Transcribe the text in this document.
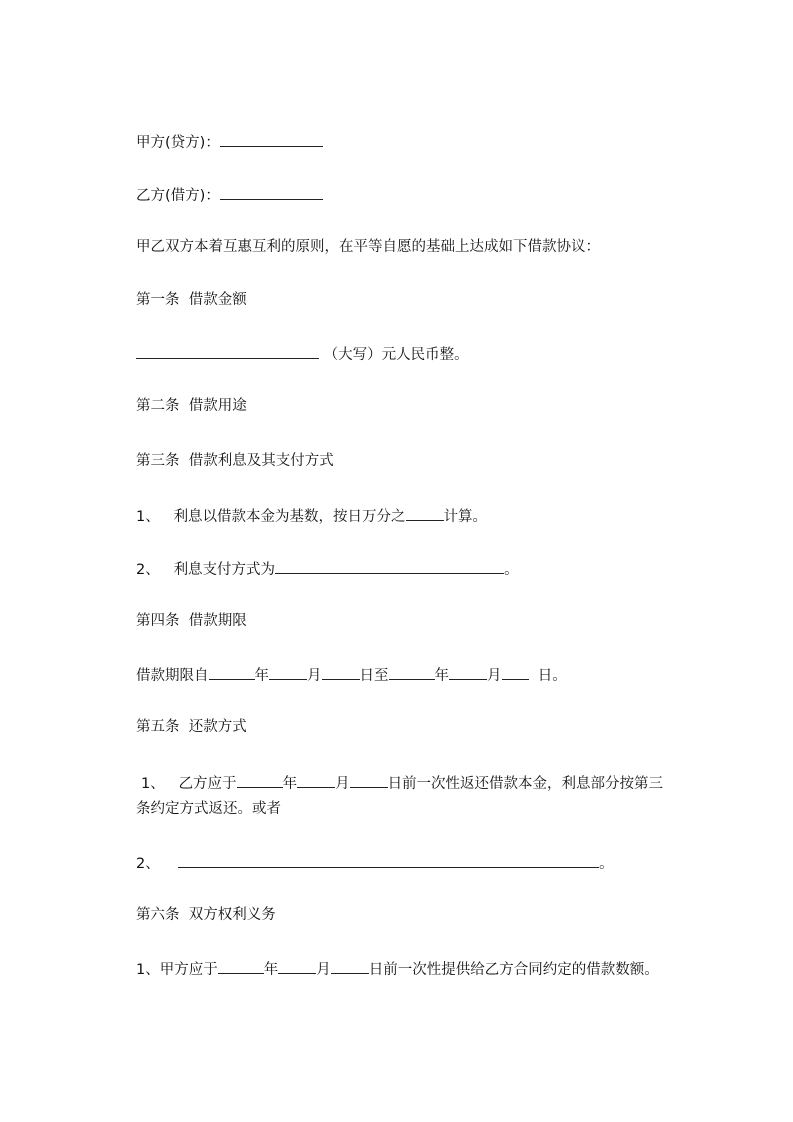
甲方(贷方)：
乙方(借方)：
甲乙双方本着互惠互利的原则，在平等自愿的基础上达成如下借款协议：
第一条  借款金额
（大写）元人民币整。
第二条  借款用途
第三条  借款利息及其支付方式
1、 利息以借款本金为基数，按日万分之	计算。
2、 利息支付方式为	。
第四条  借款期限
借款期限自	年	月	日至	年	月 日。
第五条  还款方式
1、 乙方应于	年	月	日前一次性返还借款本金，利息部分按第三
条约定方式返还。或者
2、	。
第六条  双方权利义务
1、甲方应于	年	月	日前一次性提供给乙方合同约定的借款数额。
